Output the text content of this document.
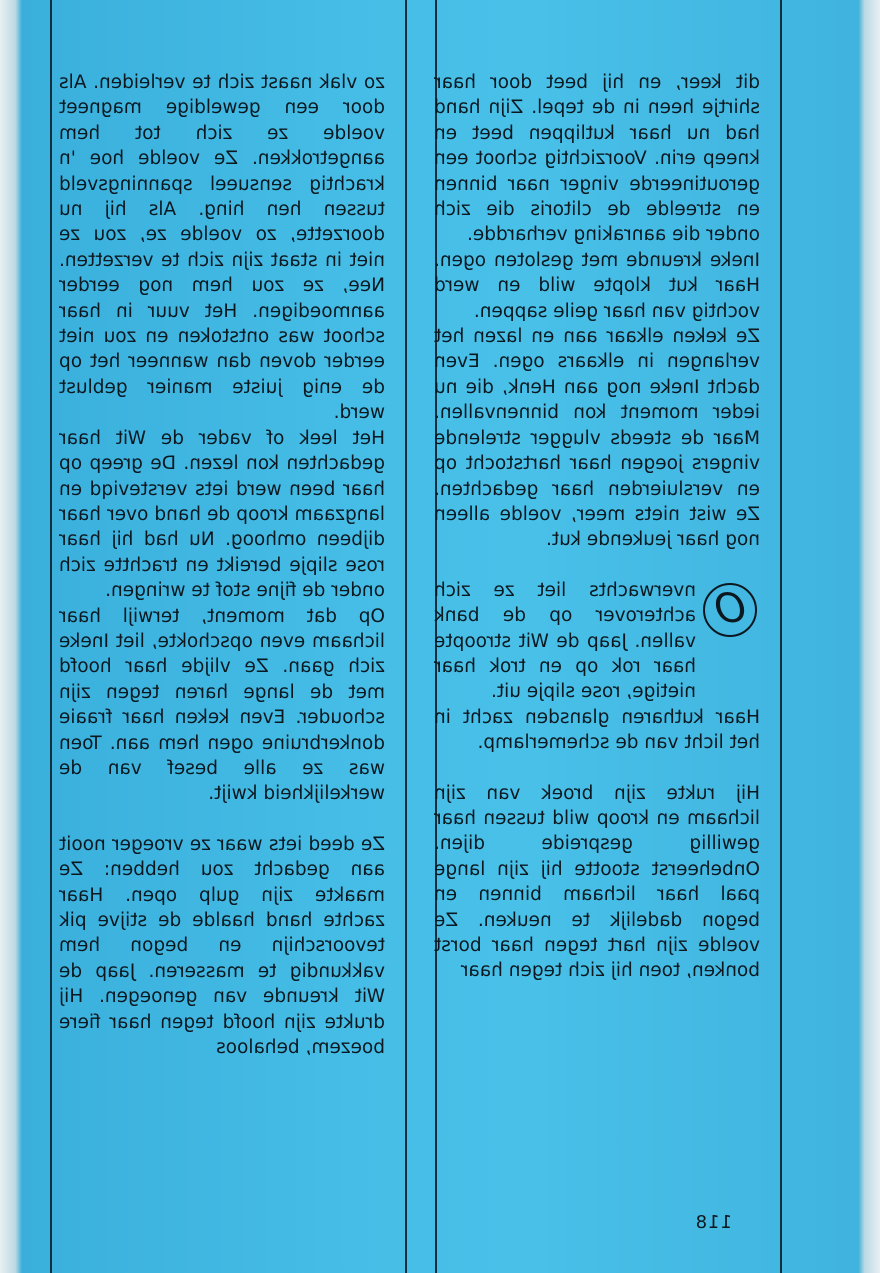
zo vlak naast zich te verleiden. Als door een geweldige magneet voelde ze zich tot hem aangetrokken. Ze voelde hoe 'n krachtig sensueel spanningsveld tussen hen hing. Als hij nu doorzette, zo voelde ze, zou ze niet in staat zijn zich te verzetten. Nee, ze zou hem nog eerder aanmoedigen. Het vuur in haar schoot was ontstoken en zou niet eerder doven dan wanneer het op de enig juiste manier geblust werd.

Het leek of vader de Wit haar gedachten kon lezen. De greep op haar been werd iets versteviqd en langzaam kroop de hand over haar dijbeen omhoog. Nu had hij haar rose slipje bereikt en trachtte zich onder de fijne stof te wringen.

Op dat moment, terwijl haar lichaam even opschokte, liet Ineke zich gaan. Ze vlijde haar hoofd met de lange haren tegen zijn schouder. Even keken haar fraaie donkerbruine ogen hem aan. Toen was ze alle besef van de werkelijkheid kwijt.

Ze deed iets waar ze vroeger nooit aan gedacht zou hebben: Ze maakte zijn gulp open. Haar zachte hand haalde de stijve pik tevoorschijn en begon hem vakkundig te masseren. Jaap de Wit kreunde van genoegen. Hij drukte zijn hoofd tegen haar fiere boezem, behaloos

dit keer, en hij beet door haar shirtje heen in de tepel. Zijn hand had nu haar kutlippen beet en kneep erin. Voorzichtig schoot een geroutineerde vinger naar binnen en streelde de clitoris die zich onder die aanraking verhardde.

Ineke kreunde met gesloten ogen. Haar kut klopte wild en werd vochtig van haar geile sappen.

Ze keken elkaar aan en lazen het verlangen in elkaars ogen. Even dacht Ineke nog aan Henk, die nu ieder moment kon binnenvallen. Maar de steeds vlugger strelende vingers joegen haar hartstocht op en versluierden haar gedachten. Ze wist niets meer, voelde alleen nog haar jeukende kut.

O

nverwachts liet ze zich achterover op de bank vallen. Jaap de Wit stroopte haar rok op en trok haar nietige, rose slipje uit.

Haar kutharen glansden zacht in het licht van de schemerlamp.

Hij rukte zijn broek van zijn lichaam en kroop wild tussen haar gewillig gespreide dijen. Onbeheerst stootte hij zijn lange paal haar lichaam binnen en begon dadelijk te neuken. Ze voelde zijn hart tegen haar borst bonken, toen hij zich tegen haar

118
